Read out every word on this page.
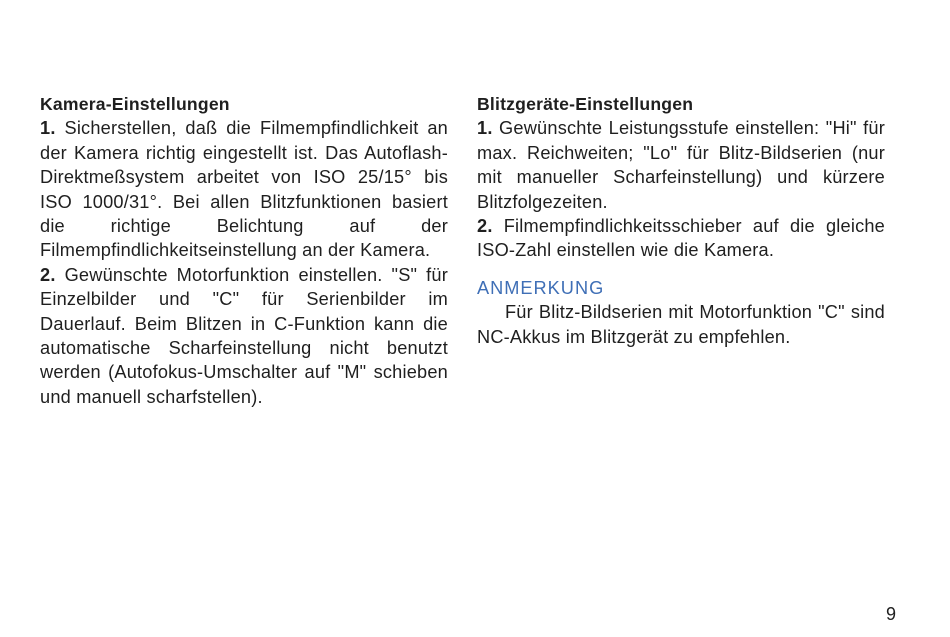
Kamera-Einstellungen

1. Sicherstellen, daß die Filmempfindlichkeit an der Kamera richtig eingestellt ist. Das Autoflash-Direktmeßsystem arbeitet von ISO 25/15° bis ISO 1000/31°. Bei allen Blitzfunktionen basiert die richtige Belichtung auf der Filmempfindlichkeitseinstellung an der Kamera.

2. Gewünschte Motorfunktion einstellen. "S" für Einzelbilder und "C" für Serienbilder im Dauerlauf. Beim Blitzen in C-Funktion kann die automatische Scharfeinstellung nicht benutzt werden (Autofokus-Umschalter auf "M" schieben und manuell scharfstellen).

Blitzgeräte-Einstellungen

1. Gewünschte Leistungsstufe einstellen: "Hi" für max. Reichweiten; "Lo" für Blitz-Bildserien (nur mit manueller Scharfeinstellung) und kürzere Blitzfolgezeiten.

2. Filmempfindlichkeitsschieber auf die gleiche ISO-Zahl einstellen wie die Kamera.

ANMERKUNG

Für Blitz-Bildserien mit Motorfunktion "C" sind NC-Akkus im Blitzgerät zu empfehlen.

9
